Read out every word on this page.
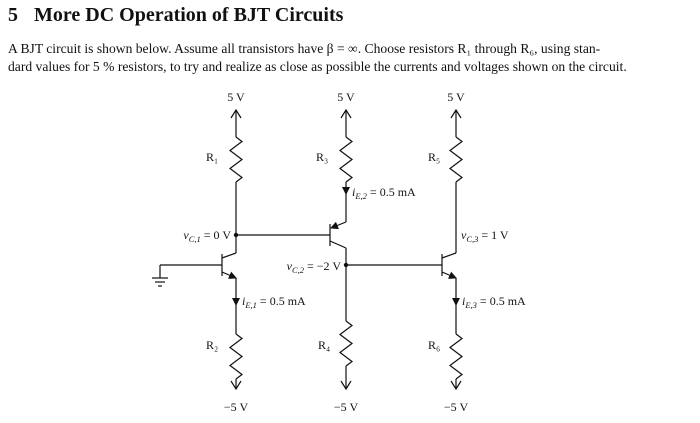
5 More DC Operation of BJT Circuits

A BJT circuit is shown below. Assume all transistors have β = ∞. Choose resistors R₁ through R₆, using stan-
dard values for 5 % resistors, to try and realize as close as possible the currents and voltages shown on the circuit.

5 V	5 V	5 V
R₁	R₃	R₅
R₂
−5 V
R₄
−5 V
R₆
−5 V
$v_{C,1} = 0$ V
$v_{C,2} = -2$ V
$v_{C,3} = 1$ V
$i_{E,1} = 0.5$ mA
$i_{E,2} = 0.5$ mA
$i_{E,3} = 0.5$ mA
